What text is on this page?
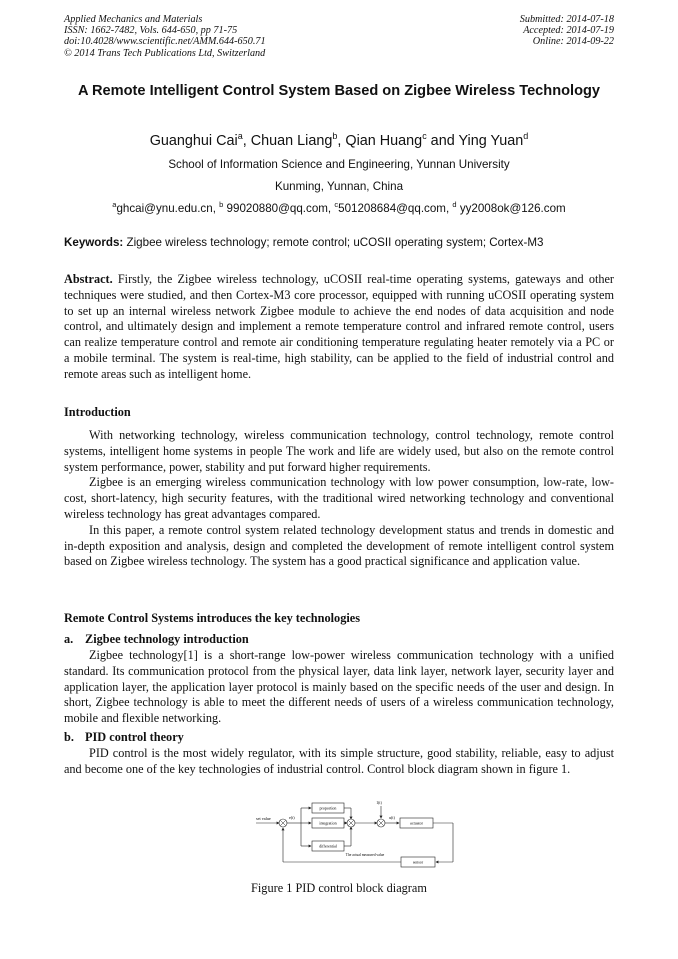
Applied Mechanics and Materials
ISSN: 1662-7482, Vols. 644-650, pp 71-75
doi:10.4028/www.scientific.net/AMM.644-650.71
© 2014 Trans Tech Publications Ltd, Switzerland
Submitted: 2014-07-18
Accepted: 2014-07-19
Online: 2014-09-22
A Remote Intelligent Control System Based on Zigbee Wireless Technology
Guanghui Cai$^a$, Chuan Liang$^b$, Qian Huang$^c$ and Ying Yuan$^d$
School of Information Science and Engineering, Yunnan University
Kunming, Yunnan, China
$^a$ghcai@ynu.edu.cn, $^b$ 99020880@qq.com, $^c$501208684@qq.com, $^d$ yy2008ok@126.com
Keywords: Zigbee wireless technology; remote control; uCOSII operating system; Cortex-M3

Abstract. Firstly, the Zigbee wireless technology, uCOSII real-time operating systems, gateways and other techniques were studied, and then Cortex-M3 core processor, equipped with running uCOSII operating system to set up an internal wireless network Zigbee module to achieve the end nodes of data acquisition and node control, and ultimately design and implement a remote temperature control and infrared remote control, users can realize temperature control and remote air conditioning temperature regulating heater remotely via a PC or a mobile terminal. The system is real-time, high stability, can be applied to the field of industrial control and remote areas such as intelligent home.

Introduction

With networking technology, wireless communication technology, control technology, remote control systems, intelligent home systems in people The work and life are widely used, but also on the remote control system performance, power, stability and put forward higher requirements.

Zigbee is an emerging wireless communication technology with low power consumption, low-rate, low-cost, short-latency, high security features, with the traditional wired networking technology and conventional wireless technology has great advantages compared.

In this paper, a remote control system related technology development status and trends in domestic and in-depth exposition and analysis, design and completed the development of remote intelligent control system based on Zigbee wireless technology. The system has a good practical significance and application value.

Remote Control Systems introduces the key technologies
a. Zigbee technology introduction

Zigbee technology[1] is a short-range low-power wireless communication technology with a unified standard. Its communication protocol from the physical layer, data link layer, network layer, security layer and application layer, the application layer protocol is mainly based on the specific needs of the user and design. In short, Zigbee technology is able to meet the different needs of users of a wireless communication technology, mobile and flexible networking.

b. PID control theory

PID control is the most widely regulator, with its simple structure, good stability, reliable, easy to adjust and become one of the key technologies of industrial control. Control block diagram shown in figure 1.

set value	e(t)
proportion
integration
differential
1(t)
u(t)
actuator
sensor
The actual measured value
Figure 1 PID control block diagram
